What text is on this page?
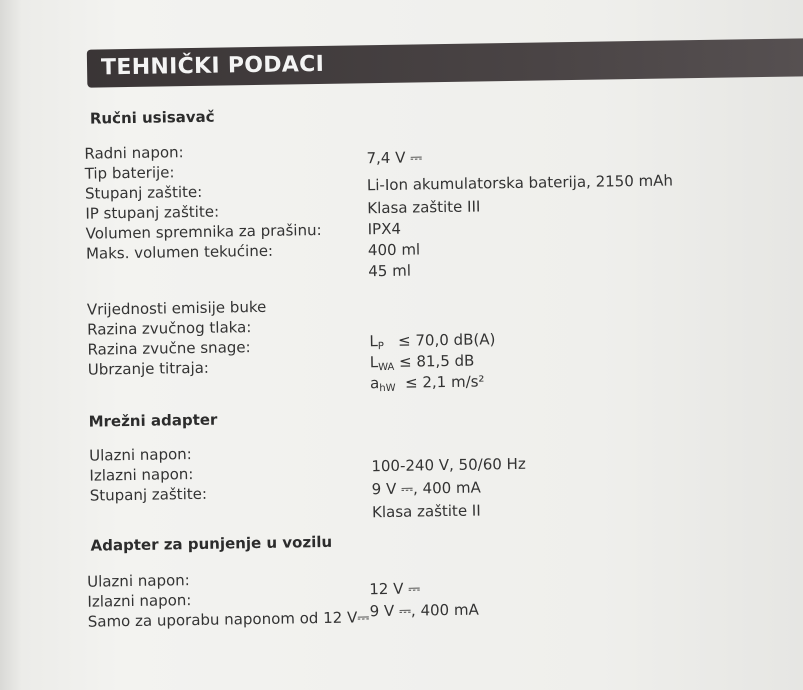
TEHNIČKI PODACI
Ručni usisavač
Radni napon:	7,4 V ⎓
Tip baterije:	Li-Ion akumulatorska baterija, 2150 mAh
Stupanj zaštite:
Klasa zaštite III
IP stupanj zaštite:
IPX4
Volumen spremnika za prašinu:
400 ml
Maks. volumen tekućine:
45 ml
Vrijednosti emisije buke
Razina zvučnog tlaka:
$L_P \le 70,0$ dB(A)
Razina zvučne snage:
$L_{WA} \le 81,5$ dB
Ubrzanje titraja:
$a_{hW} \le 2,1$ m/s²
Mrežni adapter
Ulazni napon:	100-240 V, 50/60 Hz
Izlazni napon:
9 V ⎓, 400 mA
Stupanj zaštite:
Klasa zaštite II
Adapter za punjenje u vozilu
Ulazni napon:	12 V ⎓
Izlazni napon:	9 V ⎓, 400 mA
Samo za uporabu naponom od 12 V⎓
